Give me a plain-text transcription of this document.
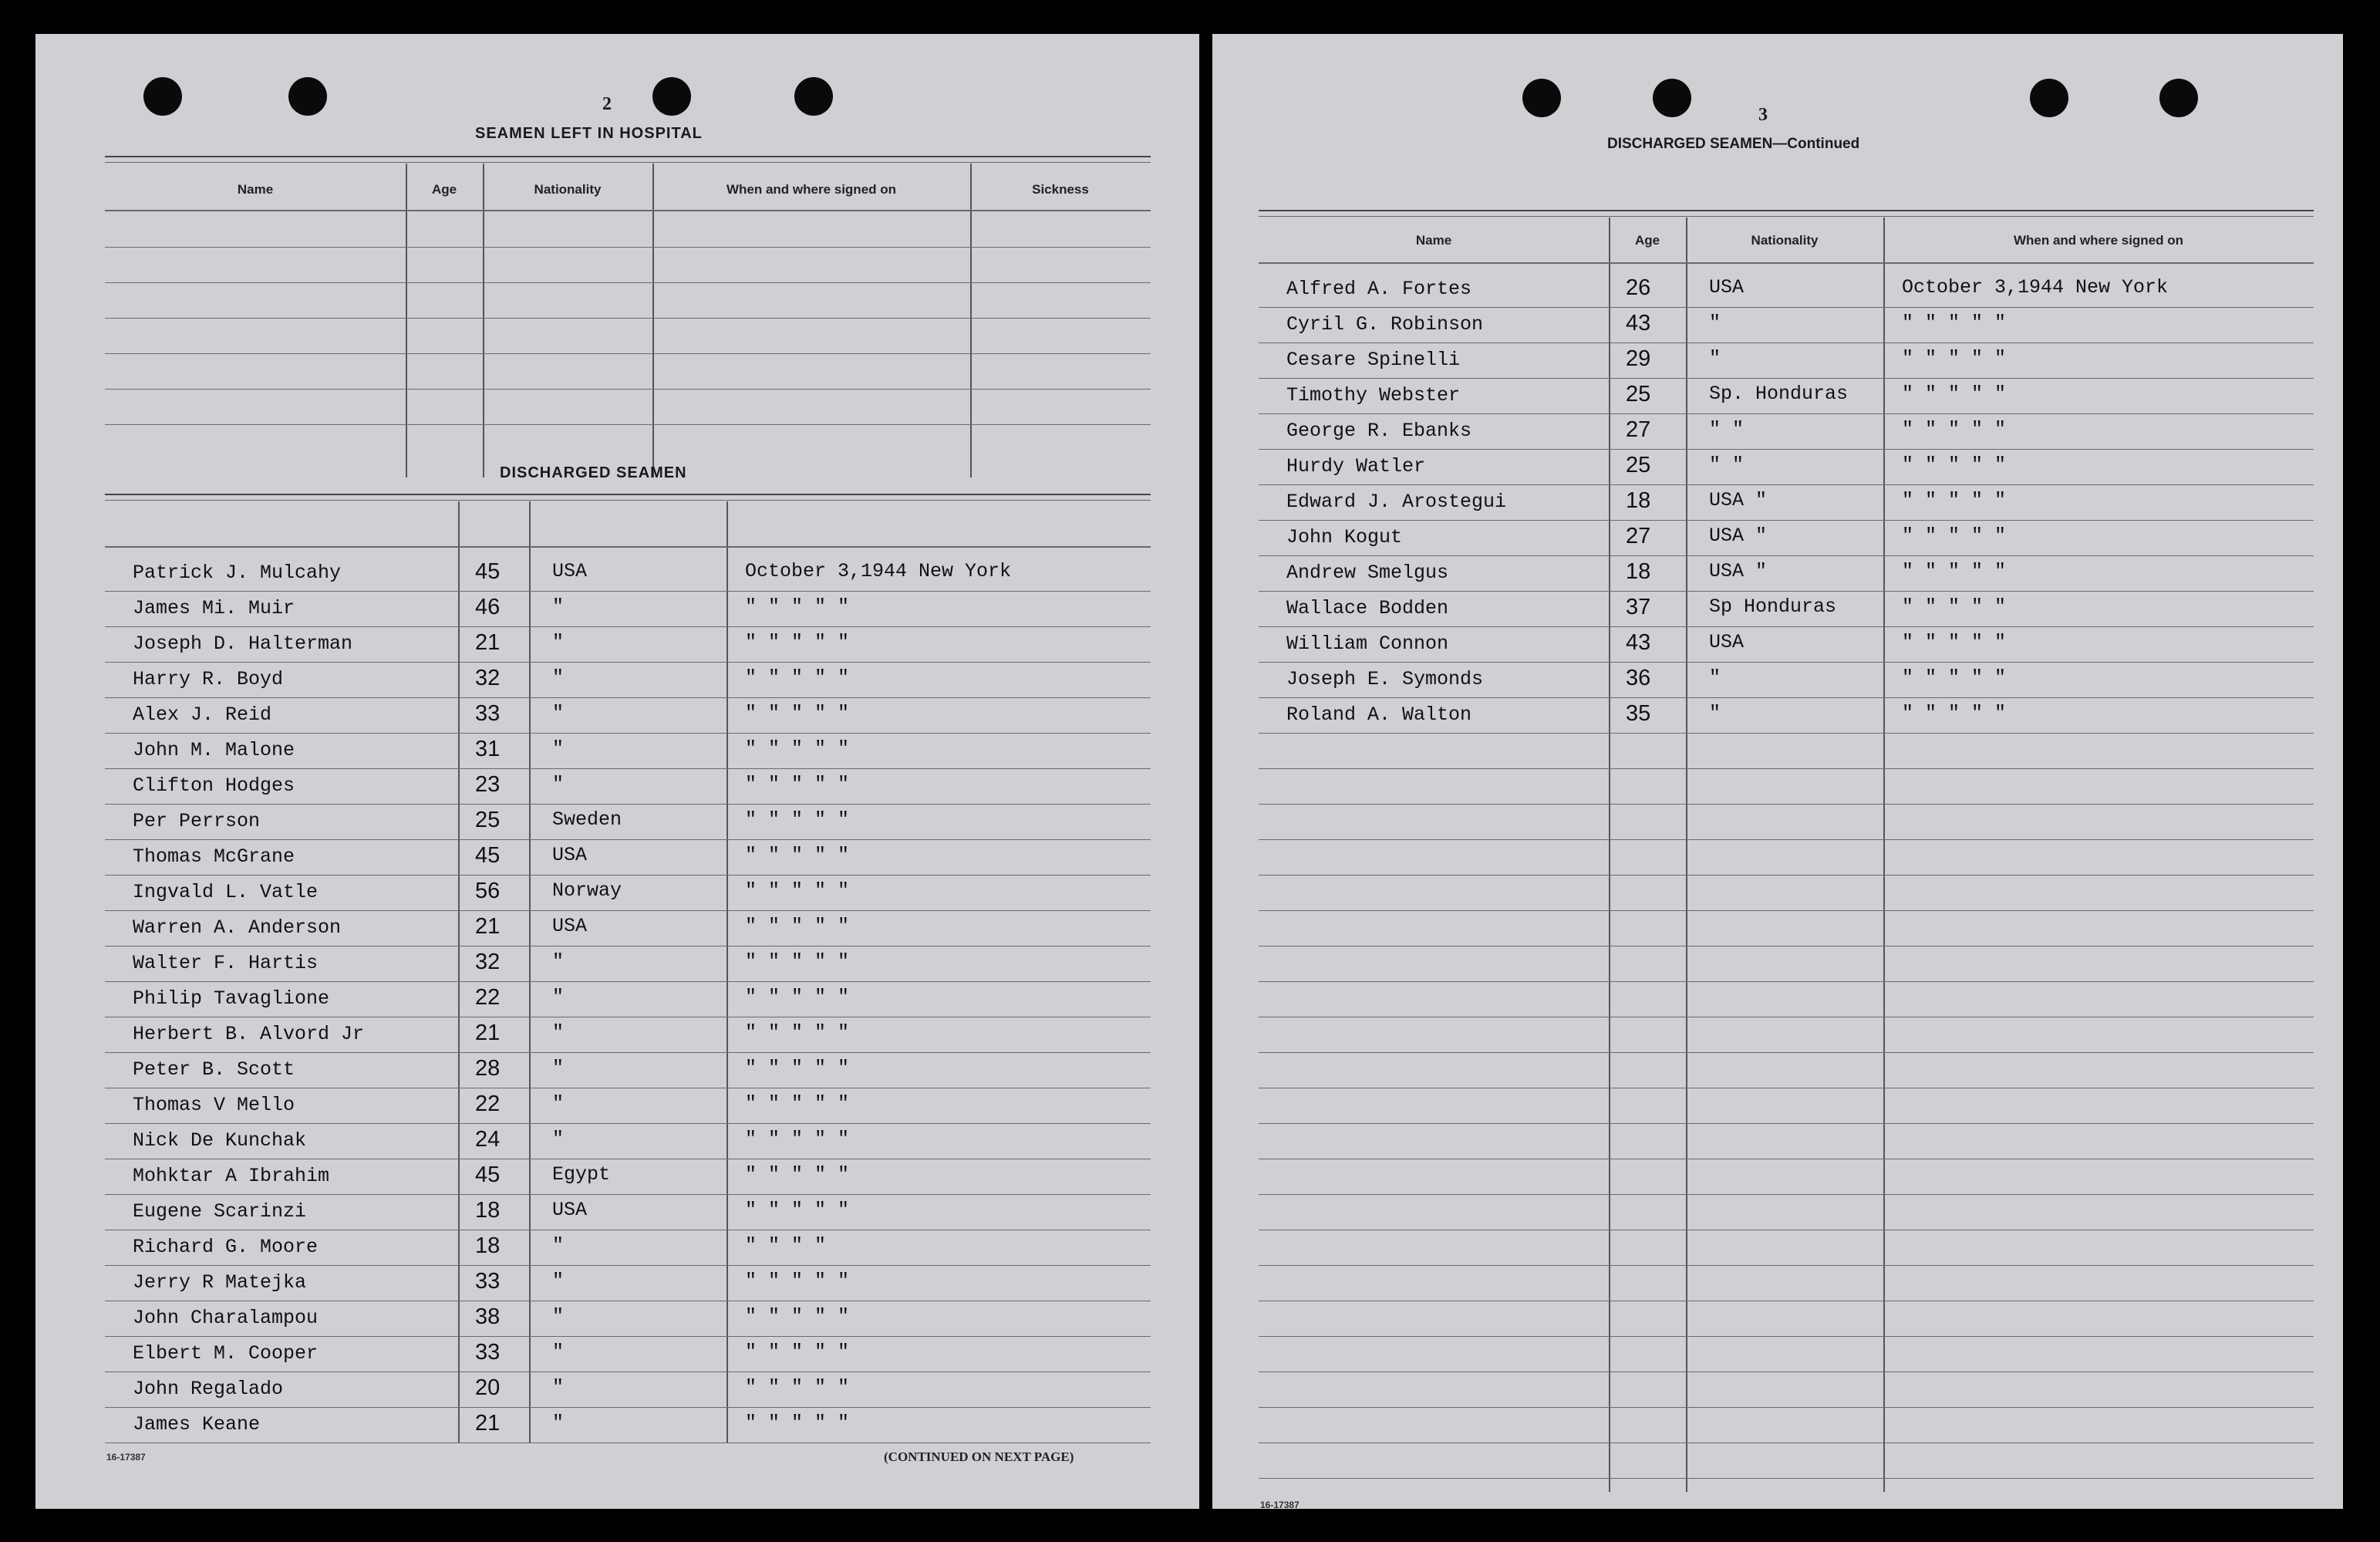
2
SEAMEN LEFT IN HOSPITAL
Name	Age	Nationality	When and where signed on	Sickness
DISCHARGED SEAMEN
Patrick J. Mulcahy	45	USA	October 3,1944 New York
James Mi. Muir	46	"	" " " " "
Joseph D. Halterman	21	"	" " " " "
Harry R. Boyd	32	"	" " " " "
Alex J. Reid	33	"	" " " " "
John M. Malone	31	"	" " " " "
Clifton Hodges	23	"	" " " " "
Per Perrson	25	Sweden	" " " " "
Thomas McGrane	45	USA	" " " " "
Ingvald L. Vatle	56	Norway	" " " " "
Warren A. Anderson	21	USA	" " " " "
Walter F. Hartis	32	"	" " " " "
Philip Tavaglione	22	"	" " " " "
Herbert B. Alvord Jr	21	"	" " " " "
Peter B. Scott	28	"	" " " " "
Thomas V Mello	22	"	" " " " "
Nick De Kunchak	24	"	" " " " "
Mohktar A Ibrahim	45	Egypt	" " " " "
Eugene Scarinzi	18	USA	" " " " "
Richard G. Moore	18	"	" " " "
Jerry R Matejka	33	"	" " " " "
John Charalampou	38	"	" " " " "
Elbert M. Cooper	33	"	" " " " "
John Regalado	20	"	" " " " "
James Keane	21	"	" " " " "
16-17387	(CONTINUED ON NEXT PAGE)
3
DISCHARGED SEAMEN—Continued
Name	Age	Nationality	When and where signed on
Alfred A. Fortes	26	USA	October 3,1944 New York
Cyril G. Robinson	43	"	" " " " "
Cesare Spinelli	29	"	" " " " "
Timothy Webster	25	Sp. Honduras	" " " " "
George R. Ebanks	27	" "	" " " " "
Hurdy Watler	25	" "	" " " " "
Edward J. Arostegui	18	USA "	" " " " "
John Kogut	27	USA "	" " " " "
Andrew Smelgus	18	USA "	" " " " "
Wallace Bodden	37	Sp Honduras	" " " " "
William Connon	43	USA	" " " " "
Joseph E. Symonds	36	"	" " " " "
Roland A. Walton	35	"	" " " " "
16-17387
